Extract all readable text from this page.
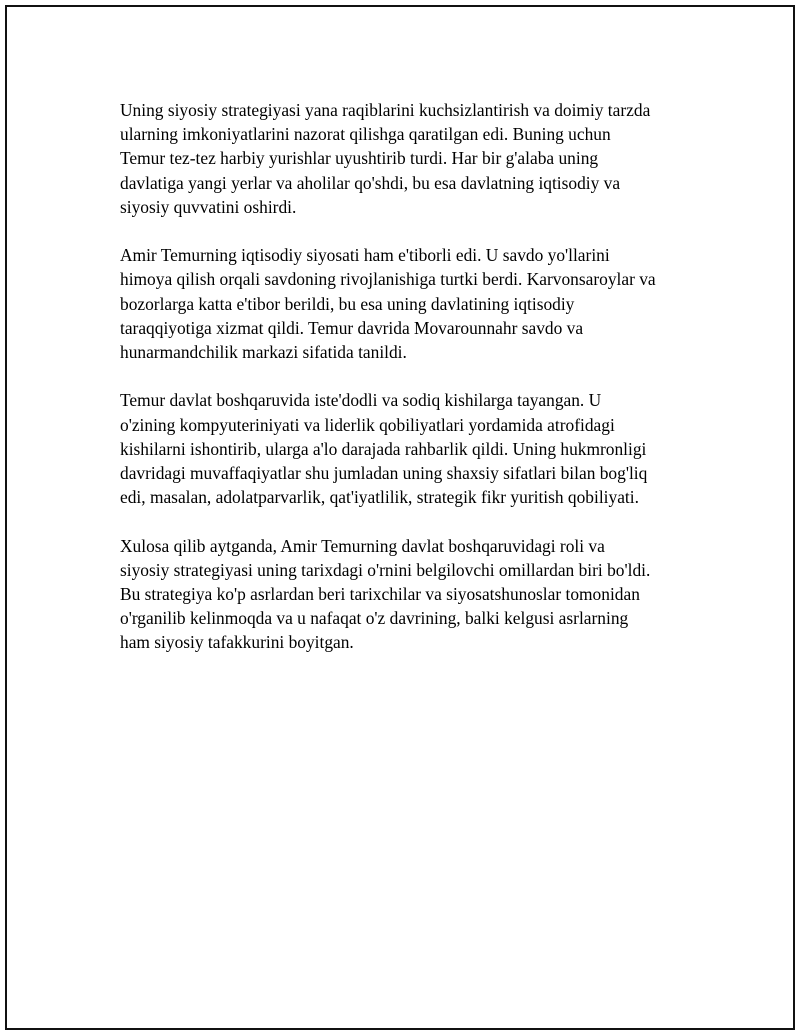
Uning siyosiy strategiyasi yana raqiblarini kuchsizlantirish va doimiy tarzda
ularning imkoniyatlarini nazorat qilishga qaratilgan edi. Buning uchun
Temur tez-tez harbiy yurishlar uyushtirib turdi. Har bir g'alaba uning
davlatiga yangi yerlar va aholilar qo'shdi, bu esa davlatning iqtisodiy va
siyosiy quvvatini oshirdi.

Amir Temurning iqtisodiy siyosati ham e'tiborli edi. U savdo yo'llarini
himoya qilish orqali savdoning rivojlanishiga turtki berdi. Karvonsaroylar va
bozorlarga katta e'tibor berildi, bu esa uning davlatining iqtisodiy
taraqqiyotiga xizmat qildi. Temur davrida Movarounnahr savdo va
hunarmandchilik markazi sifatida tanildi.

Temur davlat boshqaruvida iste'dodli va sodiq kishilarga tayangan. U
o'zining kompyuteriniyati va liderlik qobiliyatlari yordamida atrofidagi
kishilarni ishontirib, ularga a'lo darajada rahbarlik qildi. Uning hukmronligi
davridagi muvaffaqiyatlar shu jumladan uning shaxsiy sifatlari bilan bog'liq
edi, masalan, adolatparvarlik, qat'iyatlilik, strategik fikr yuritish qobiliyati.

Xulosa qilib aytganda, Amir Temurning davlat boshqaruvidagi roli va
siyosiy strategiyasi uning tarixdagi o'rnini belgilovchi omillardan biri bo'ldi.
Bu strategiya ko'p asrlardan beri tarixchilar va siyosatshunoslar tomonidan
o'rganilib kelinmoqda va u nafaqat o'z davrining, balki kelgusi asrlarning
ham siyosiy tafakkurini boyitgan.
